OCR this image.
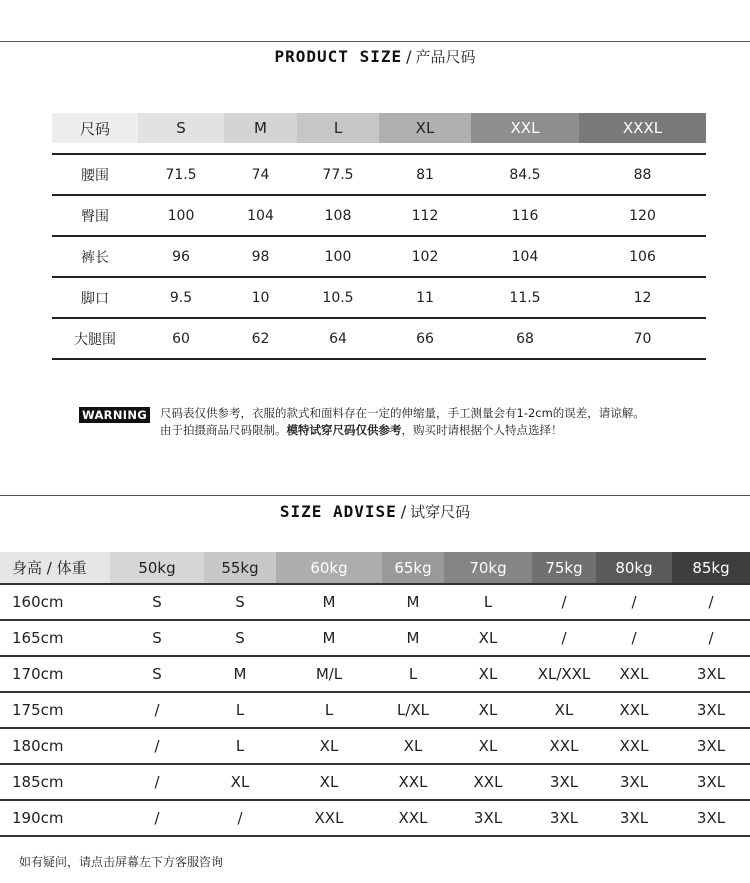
PRODUCT SIZE / 产品尺码
尺码	S	M	L	XL	XXL	XXXL
腰围	71.5	74	77.5	81	84.5	88
臀围	100	104	108	112	116	120
裤长	96	98	100	102	104	106
脚口	9.5	10	10.5	11	11.5	12
大腿围	60	62	64	66	68	70
WARNING 尺码表仅供参考，衣服的款式和面料存在一定的伸缩量，手工测量会有1-2cm的误差，请谅解。
由于拍摄商品尺码限制。模特试穿尺码仅供参考，购买时请根据个人特点选择！
SIZE ADVISE / 试穿尺码
身高 / 体重	50kg	55kg	60kg	65kg	70kg	75kg 80kg	85kg
160cm	S	S	M	M	L	/	/	/
165cm	S	S	M	M	XL	/	/	/
170cm	S	M	M/L	L	XL	XL/XXL	XXL	3XL
175cm	/	L	L	L/XL	XL	XL	XXL	3XL
180cm	/	L	XL	XL	XL	XXL	XXL	3XL
185cm	/	XL	XL	XXL	XXL	3XL	3XL	3XL
190cm	/	/	XXL	XXL	3XL	3XL	3XL	3XL
如有疑问，请点击屏幕左下方客服咨询
